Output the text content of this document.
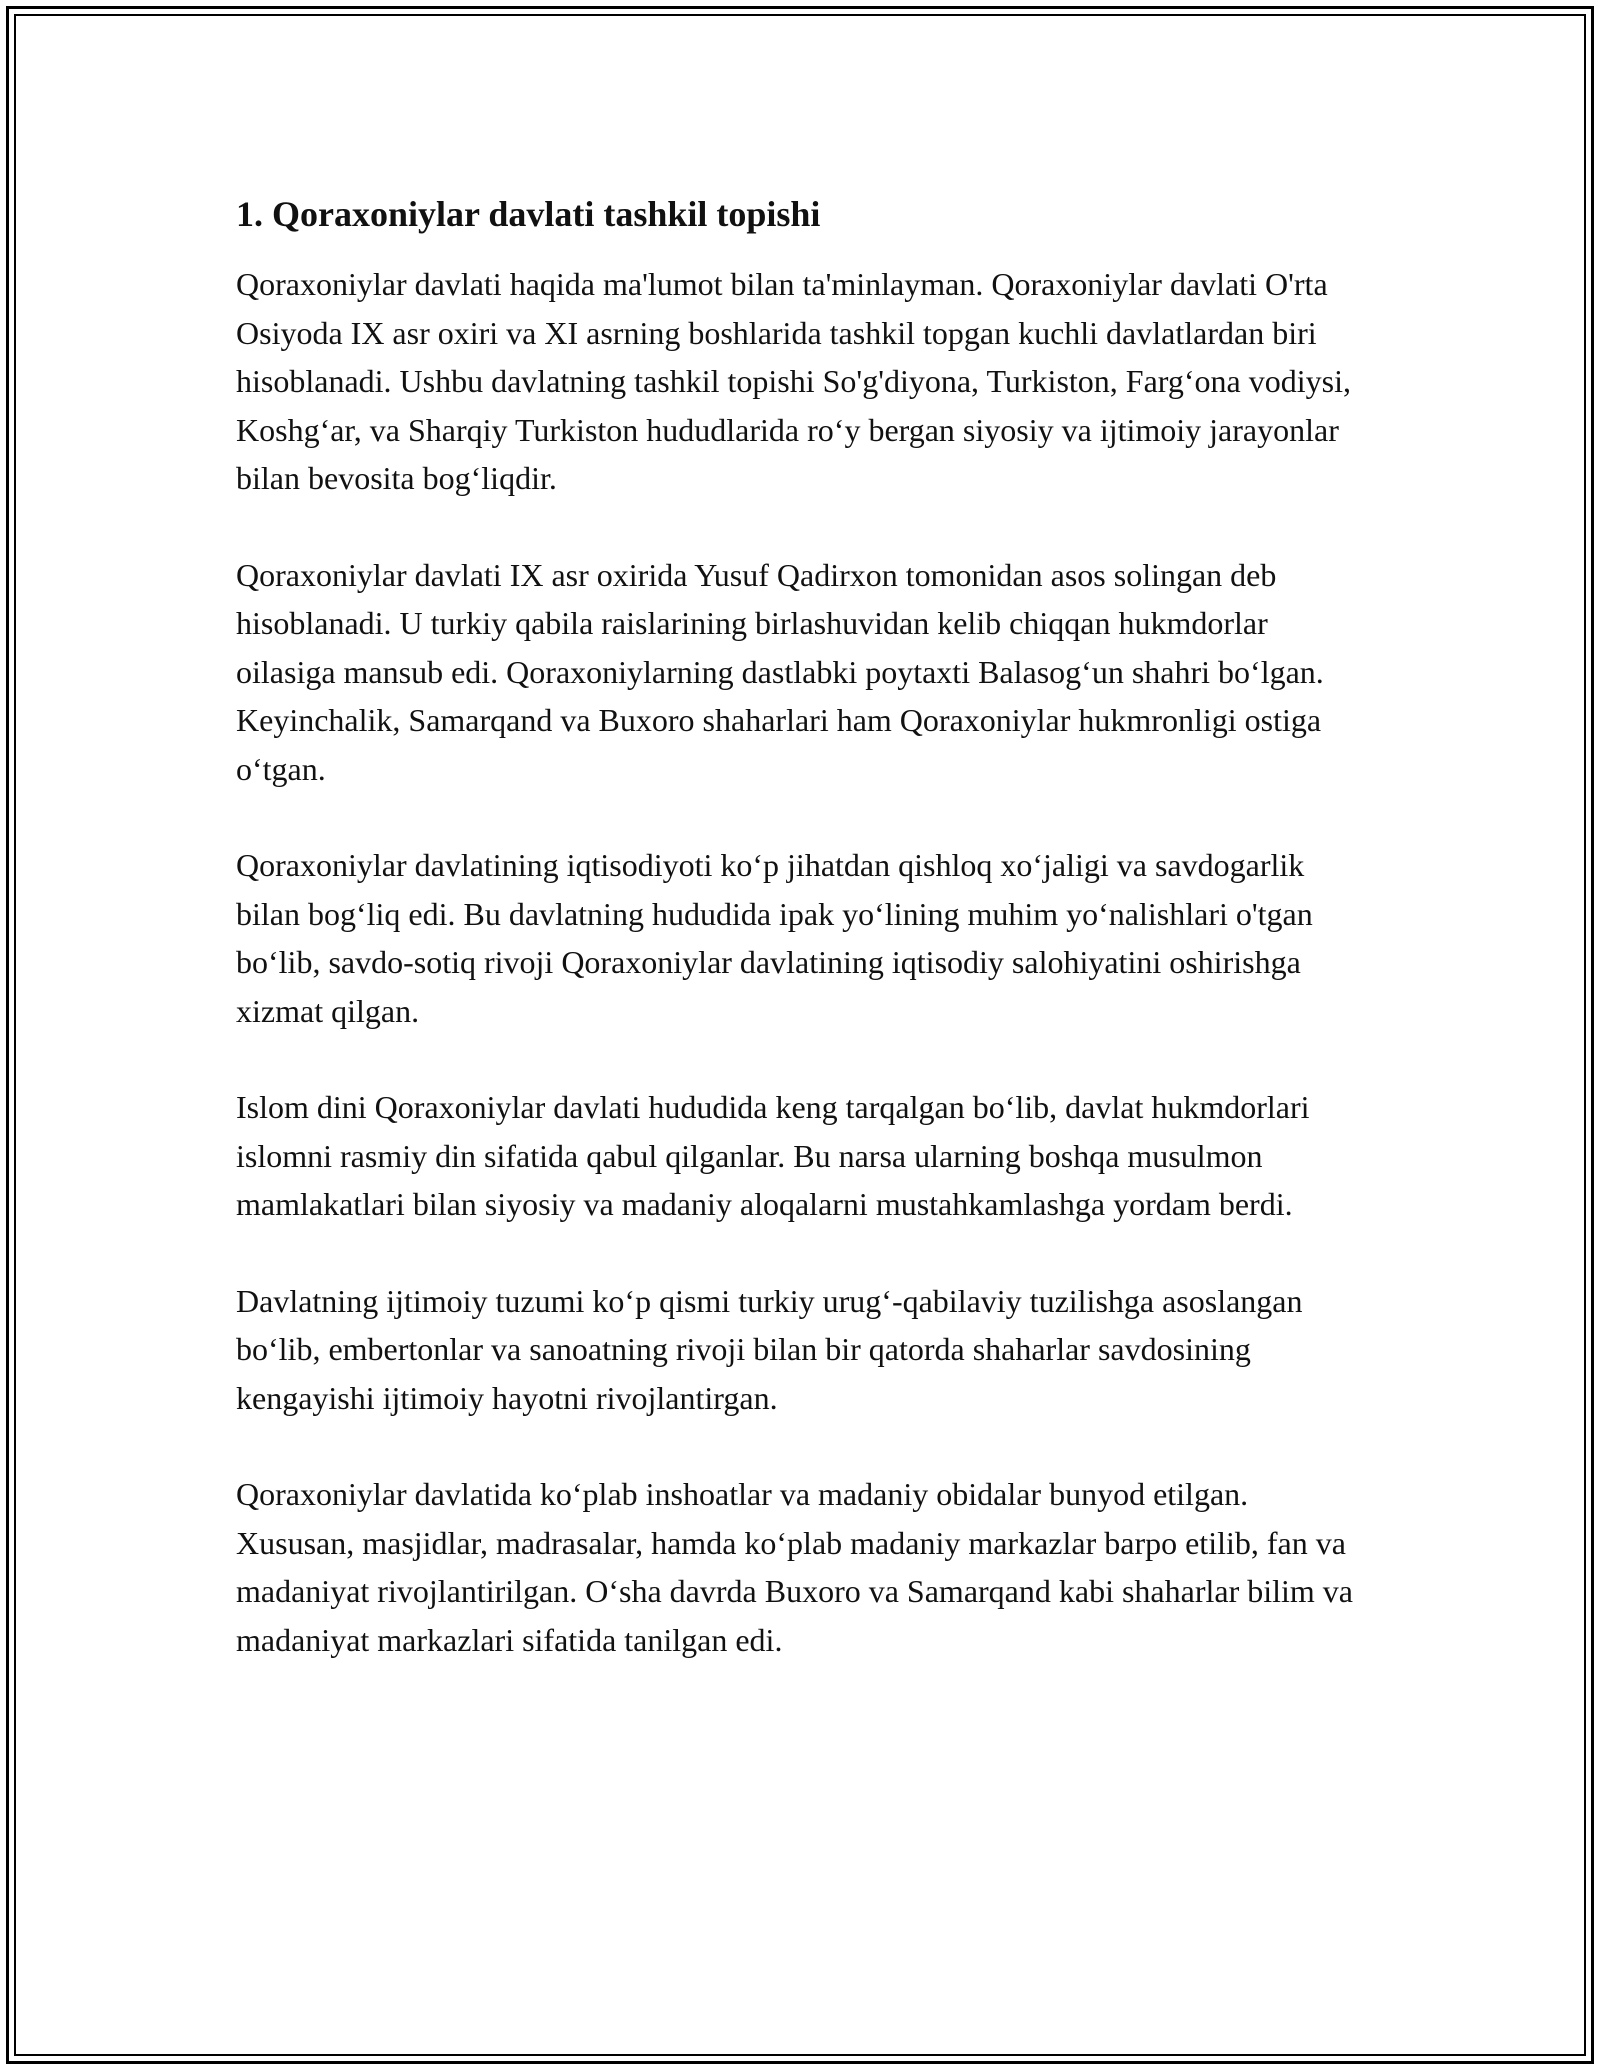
1. Qoraxoniylar davlati tashkil topishi

Qoraxoniylar davlati haqida ma'lumot bilan ta'minlayman. Qoraxoniylar davlati O'rta Osiyoda IX asr oxiri va XI asrning boshlarida tashkil topgan kuchli davlatlardan biri hisoblanadi. Ushbu davlatning tashkil topishi So'g'diyona, Turkiston, Farg‘ona vodiysi, Koshg‘ar, va Sharqiy Turkiston hududlarida ro‘y bergan siyosiy va ijtimoiy jarayonlar bilan bevosita bog‘liqdir.

Qoraxoniylar davlati IX asr oxirida Yusuf Qadirxon tomonidan asos solingan deb hisoblanadi. U turkiy qabila raislarining birlashuvidan kelib chiqqan hukmdorlar oilasiga mansub edi. Qoraxoniylarning dastlabki poytaxti Balasog‘un shahri bo‘lgan. Keyinchalik, Samarqand va Buxoro shaharlari ham Qoraxoniylar hukmronligi ostiga o‘tgan.

Qoraxoniylar davlatining iqtisodiyoti ko‘p jihatdan qishloq xo‘jaligi va savdogarlik bilan bog‘liq edi. Bu davlatning hududida ipak yo‘lining muhim yo‘nalishlari o'tgan bo‘lib, savdo-sotiq rivoji Qoraxoniylar davlatining iqtisodiy salohiyatini oshirishga xizmat qilgan.

Islom dini Qoraxoniylar davlati hududida keng tarqalgan bo‘lib, davlat hukmdorlari islomni rasmiy din sifatida qabul qilganlar. Bu narsa ularning boshqa musulmon mamlakatlari bilan siyosiy va madaniy aloqalarni mustahkamlashga yordam berdi.

Davlatning ijtimoiy tuzumi ko‘p qismi turkiy urug‘-qabilaviy tuzilishga asoslangan bo‘lib, embertonlar va sanoatning rivoji bilan bir qatorda shaharlar savdosining kengayishi ijtimoiy hayotni rivojlantirgan.

Qoraxoniylar davlatida ko‘plab inshoatlar va madaniy obidalar bunyod etilgan. Xususan, masjidlar, madrasalar, hamda ko‘plab madaniy markazlar barpo etilib, fan va madaniyat rivojlantirilgan. O‘sha davrda Buxoro va Samarqand kabi shaharlar bilim va madaniyat markazlari sifatida tanilgan edi.
